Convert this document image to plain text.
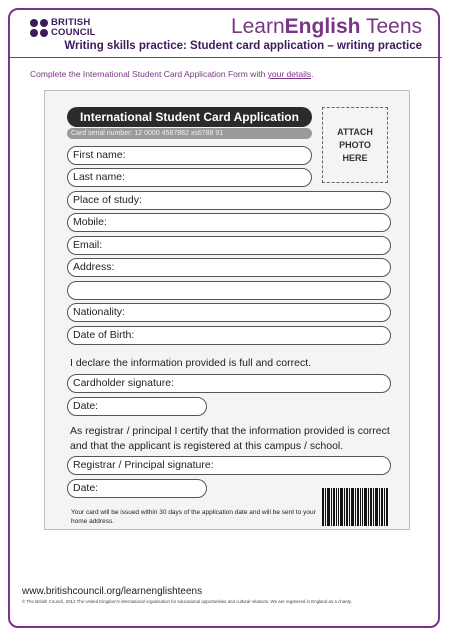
BRITISH
COUNCIL	LearnEnglish Teens
Writing skills practice: Student card application – writing practice
Complete the International Student Card Application Form with your details.
International Student Card Application
Card serial number: 12 0000 4567882 xs6788 91	ATTACH
PHOTO
HERE
First name:
Last name:
Place of study:
Mobile:
Email:
Address:
Nationality:
Date of Birth:
I declare the information provided is full and correct.
Cardholder signature:
Date:
As registrar / principal I certify that the information provided is correct and that the applicant is registered at this campus / school.
Registrar / Principal signature:
Date:
Your card will be issued within 30 days of the application date and will be sent to your home address.
www.britishcouncil.org/learnenglishteens
© The British Council, 2012 The United Kingdom’s international organisation for educational opportunities and cultural relations. We are registered in England as a charity.
